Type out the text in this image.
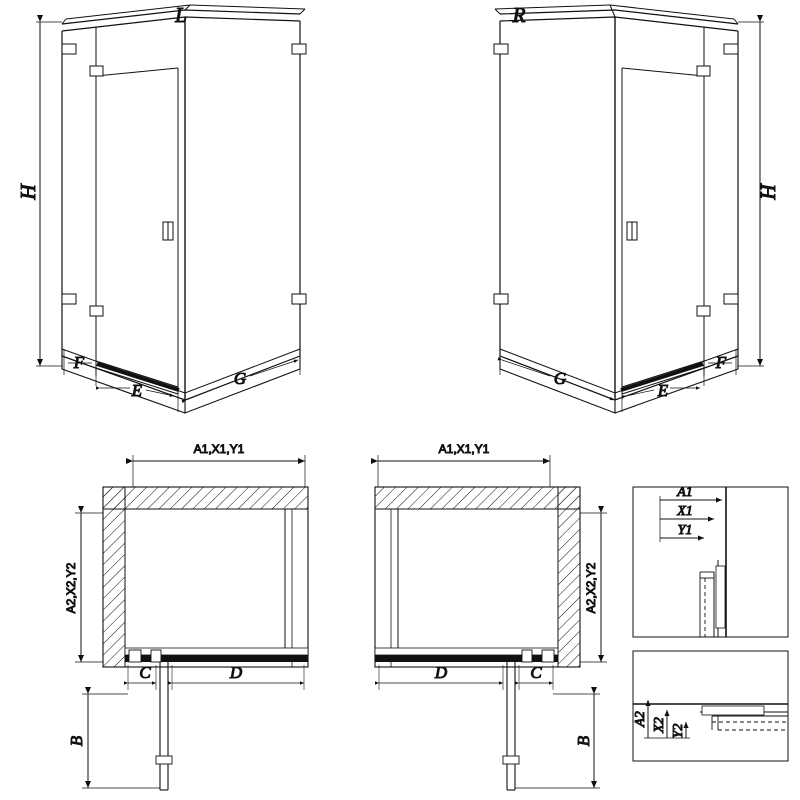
H
L
F
E
G
H
R
F
E
G
A1,X1,Y1
A2,X2,Y2
C	D
B
A1,X1,Y1
A2,X2,Y2
D	C
B
A1
X1
Y1
A2 X2 Y2
